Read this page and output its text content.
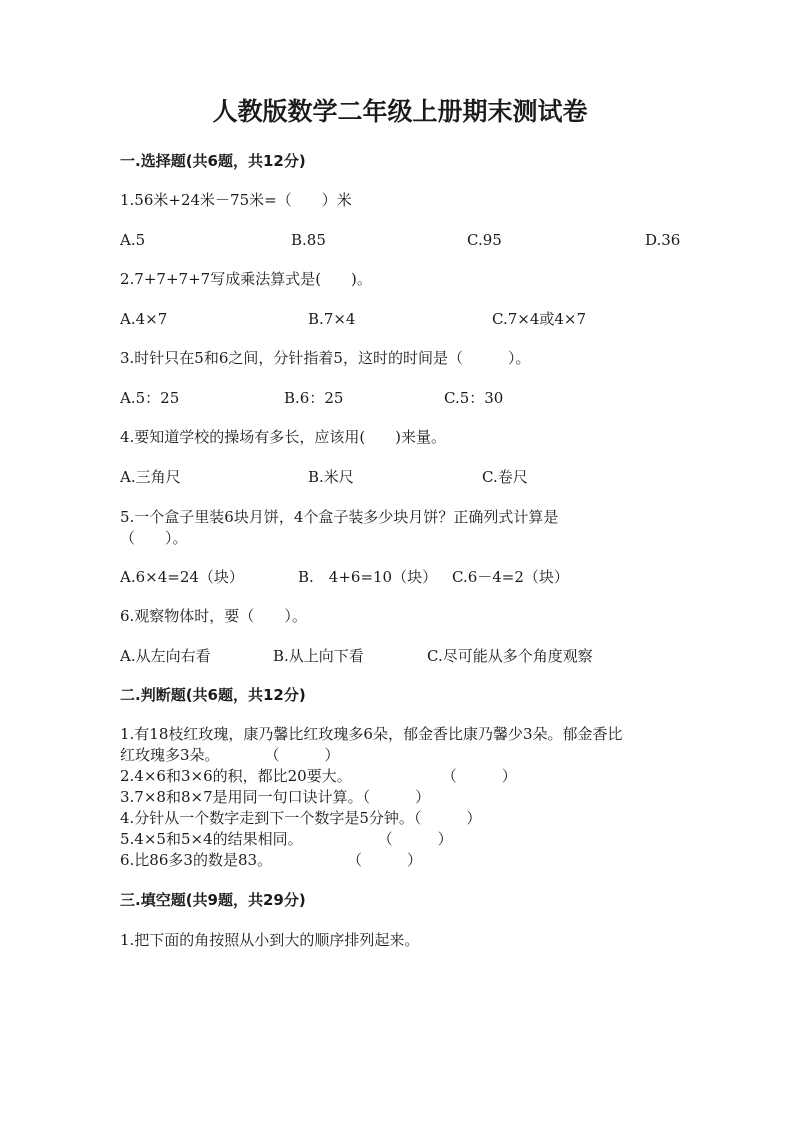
人教版数学二年级上册期末测试卷
一.选择题(共6题，共12分)
1.56米+24米－75米=（　　）米
A.5	B.85	C.95	D.36
2.7+7+7+7写成乘法算式是(　　)。
A.4×7	B.7×4	C.7×4或4×7
3.时针只在5和6之间，分针指着5，这时的时间是（　　　）。
A.5：25	B.6：25	C.5：30
4.要知道学校的操场有多长，应该用(　　)来量。
A.三角尺	B.米尺	C.卷尺
5.一个盒子里装6块月饼，4个盒子装多少块月饼？正确列式计算是
（　　）。
A.6×4=24（块）	B.　4+6=10（块） C.6－4=2（块）
6.观察物体时，要（　　）。
A.从左向右看	B.从上向下看	C.尽可能从多个角度观察
二.判断题(共6题，共12分)
1.有18枝红玫瑰，康乃馨比红玫瑰多6朵，郁金香比康乃馨少3朵。郁金香比
红玫瑰多3朵。　　　　（　　　）
2.4×6和3×6的积，都比20要大。　　　　　　　（　　　）
3.7×8和8×7是用同一句口诀计算。（　　　）
4.分针从一个数字走到下一个数字是5分钟。（　　　）
5.4×5和5×4的结果相同。　　　　　　（　　　）
6.比86多3的数是83。　　　　　　（　　　）
三.填空题(共9题，共29分)
1.把下面的角按照从小到大的顺序排列起来。
